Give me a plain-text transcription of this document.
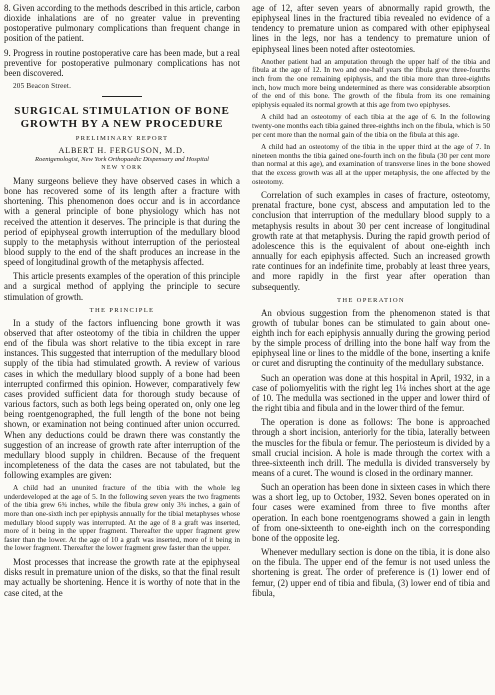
8. Given according to the methods described in this article, carbon dioxide inhalations are of no greater value in preventing postoperative pulmonary complications than frequent change in position of the patient.

9. Progress in routine postoperative care has been made, but a real preventive for postoperative pulmonary complications has not been discovered.

205 Beacon Street.
SURGICAL STIMULATION OF BONE GROWTH BY A NEW PROCEDURE
PRELIMINARY REPORT
ALBERT H. FERGUSON, M.D.
Roentgenologist, New York Orthopaedic Dispensary and Hospital
NEW YORK

Many surgeons believe they have observed cases in which a bone has recovered some of its length after a fracture with shortening. This phenomenon does occur and is in accordance with a general principle of bone physiology which has not received the attention it deserves. The principle is that during the period of epiphyseal growth interruption of the medullary blood supply to the metaphysis without interruption of the periosteal blood supply to the end of the shaft produces an increase in the speed of longitudinal growth of the metaphysis affected.

This article presents examples of the operation of this principle and a surgical method of applying the principle to secure stimulation of growth.

THE PRINCIPLE

In a study of the factors influencing bone growth it was observed that after osteotomy of the tibia in children the upper end of the fibula was short relative to the tibia except in rare instances. This suggested that interruption of the medullary blood supply of the tibia had stimulated growth. A review of various cases in which the medullary blood supply of a bone had been interrupted confirmed this opinion. However, comparatively few cases provided sufficient data for thorough study because of various factors, such as both legs being operated on, only one leg being roentgenographed, the full length of the bone not being shown, or examination not being continued after union occurred. When any deductions could be drawn there was constantly the suggestion of an increase of growth rate after interruption of the medullary blood supply in children. Because of the frequent incompleteness of the data the cases are not tabulated, but the following examples are given:

A child had an ununited fracture of the tibia with the whole leg underdeveloped at the age of 5. In the following seven years the two fragments of the tibia grew 6¾ inches, while the fibula grew only 3¾ inches, a gain of more than one-sixth inch per epiphysis annually for the tibial metaphyses whose medullary blood supply was interrupted. At the age of 8 a graft was inserted, more of it being in the upper fragment. Thereafter the upper fragment grew faster than the lower. At the age of 10 a graft was inserted, more of it being in the lower fragment. Thereafter the lower fragment grew faster than the upper.

Most processes that increase the growth rate at the epiphyseal disks result in premature union of the disks, so that the final result may actually be shortening. Hence it is worthy of note that in the case cited, at the

age of 12, after seven years of abnormally rapid growth, the epiphyseal lines in the fractured tibia revealed no evidence of a tendency to premature union as compared with other epiphyseal lines in the legs, nor has a tendency to premature union of epiphyseal lines been noted after osteotomies.

Another patient had an amputation through the upper half of the tibia and fibula at the age of 12. In two and one-half years the fibula grew three-fourths inch from the one remaining epiphysis, and the tibia more than three-eighths inch, how much more being undetermined as there was considerable absorption of the end of this bone. The growth of the fibula from its one remaining epiphysis equaled its normal growth at this age from two epiphyses.

A child had an osteotomy of each tibia at the age of 6. In the following twenty-one months each tibia gained three-eighths inch on the fibula, which is 50 per cent more than the normal gain of the tibia on the fibula at this age.

A child had an osteotomy of the tibia in the upper third at the age of 7. In nineteen months the tibia gained one-fourth inch on the fibula (30 per cent more than normal at this age), and examination of transverse lines in the bone showed that the excess growth was all at the upper metaphysis, the one affected by the osteotomy.

Correlation of such examples in cases of fracture, osteotomy, prenatal fracture, bone cyst, abscess and amputation led to the conclusion that interruption of the medullary blood supply to a metaphysis results in about 30 per cent increase of longitudinal growth rate at that metaphysis. During the rapid growth period of adolescence this is the equivalent of about one-eighth inch annually for each epiphysis affected. Such an increased growth rate continues for an indefinite time, probably at least three years, and more rapidly in the first year after operation than subsequently.

THE OPERATION

An obvious suggestion from the phenomenon stated is that growth of tubular bones can be stimulated to gain about one-eighth inch for each epiphysis annually during the growing period by the simple process of drilling into the bone half way from the epiphyseal line or lines to the middle of the bone, inserting a knife or curet and disrupting the continuity of the medullary substance.

Such an operation was done at this hospital in April, 1932, in a case of poliomyelitis with the right leg 1¼ inches short at the age of 10. The medulla was sectioned in the upper and lower third of the right tibia and fibula and in the lower third of the femur.

The operation is done as follows: The bone is approached through a short incision, anteriorly for the tibia, laterally between the muscles for the fibula or femur. The periosteum is divided by a small crucial incision. A hole is made through the cortex with a three-sixteenth inch drill. The medulla is divided transversely by means of a curet. The wound is closed in the ordinary manner.

Such an operation has been done in sixteen cases in which there was a short leg, up to October, 1932. Seven bones operated on in four cases were examined from three to five months after operation. In each bone roentgenograms showed a gain in length of from one-sixteenth to one-eighth inch on the corresponding bone of the opposite leg.

Whenever medullary section is done on the tibia, it is done also on the fibula. The upper end of the femur is not used unless the shortening is great. The order of preference is (1) lower end of femur, (2) upper end of tibia and fibula, (3) lower end of tibia and fibula,
